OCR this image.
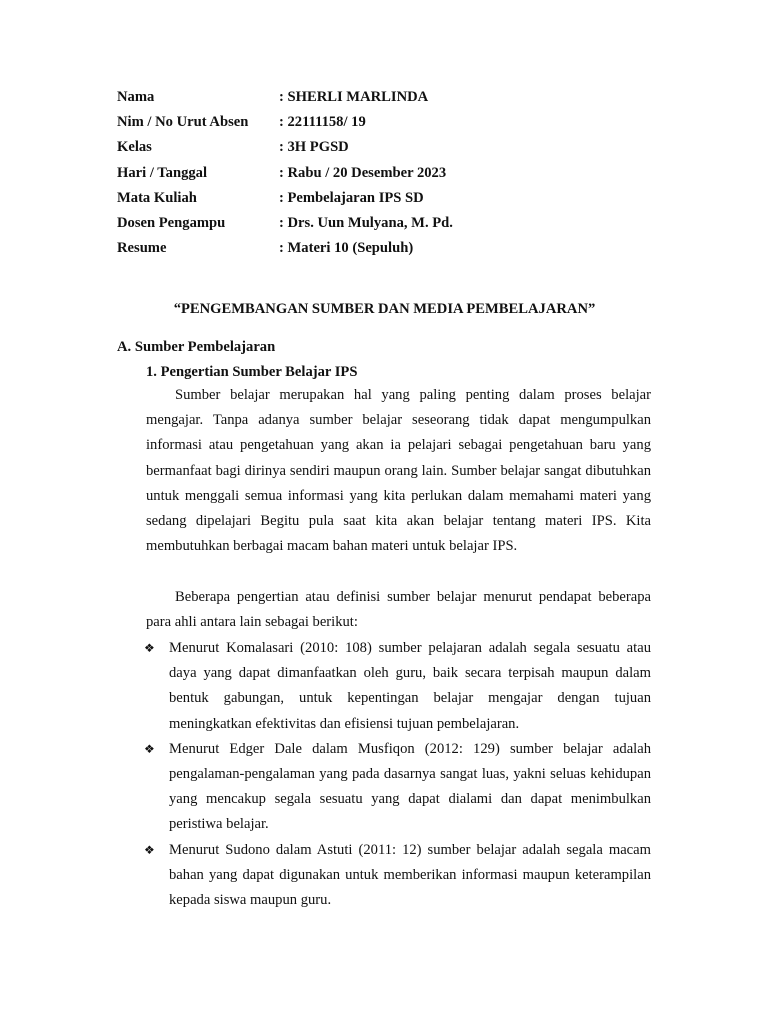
Nama	: SHERLI MARLINDA
Nim / No Urut Absen	: 22111158/ 19
Kelas	: 3H PGSD
Hari / Tanggal	: Rabu / 20 Desember 2023
Mata Kuliah	: Pembelajaran IPS SD
Dosen Pengampu	: Drs. Uun Mulyana, M. Pd.
Resume	: Materi 10 (Sepuluh)
“PENGEMBANGAN SUMBER DAN MEDIA PEMBELAJARAN”
A. Sumber Pembelajaran
1. Pengertian Sumber Belajar IPS

Sumber belajar merupakan hal yang paling penting dalam proses belajar mengajar. Tanpa adanya sumber belajar seseorang tidak dapat mengumpulkan informasi atau pengetahuan yang akan ia pelajari sebagai pengetahuan baru yang bermanfaat bagi dirinya sendiri maupun orang lain. Sumber belajar sangat dibutuhkan untuk menggali semua informasi yang kita perlukan dalam memahami materi yang sedang dipelajari Begitu pula saat kita akan belajar tentang materi IPS. Kita membutuhkan berbagai macam bahan materi untuk belajar IPS.

Beberapa pengertian atau definisi sumber belajar menurut pendapat beberapa para ahli antara lain sebagai berikut:

❖ Menurut Komalasari (2010: 108) sumber pelajaran adalah segala sesuatu atau daya yang dapat dimanfaatkan oleh guru, baik secara terpisah maupun dalam bentuk gabungan, untuk kepentingan belajar mengajar dengan tujuan meningkatkan efektivitas dan efisiensi tujuan pembelajaran.
❖ Menurut Edger Dale dalam Musfiqon (2012: 129) sumber belajar adalah pengalaman-pengalaman yang pada dasarnya sangat luas, yakni seluas kehidupan yang mencakup segala sesuatu yang dapat dialami dan dapat menimbulkan peristiwa belajar.
❖ Menurut Sudono dalam Astuti (2011: 12) sumber belajar adalah segala macam bahan yang dapat digunakan untuk memberikan informasi maupun keterampilan kepada siswa maupun guru.
